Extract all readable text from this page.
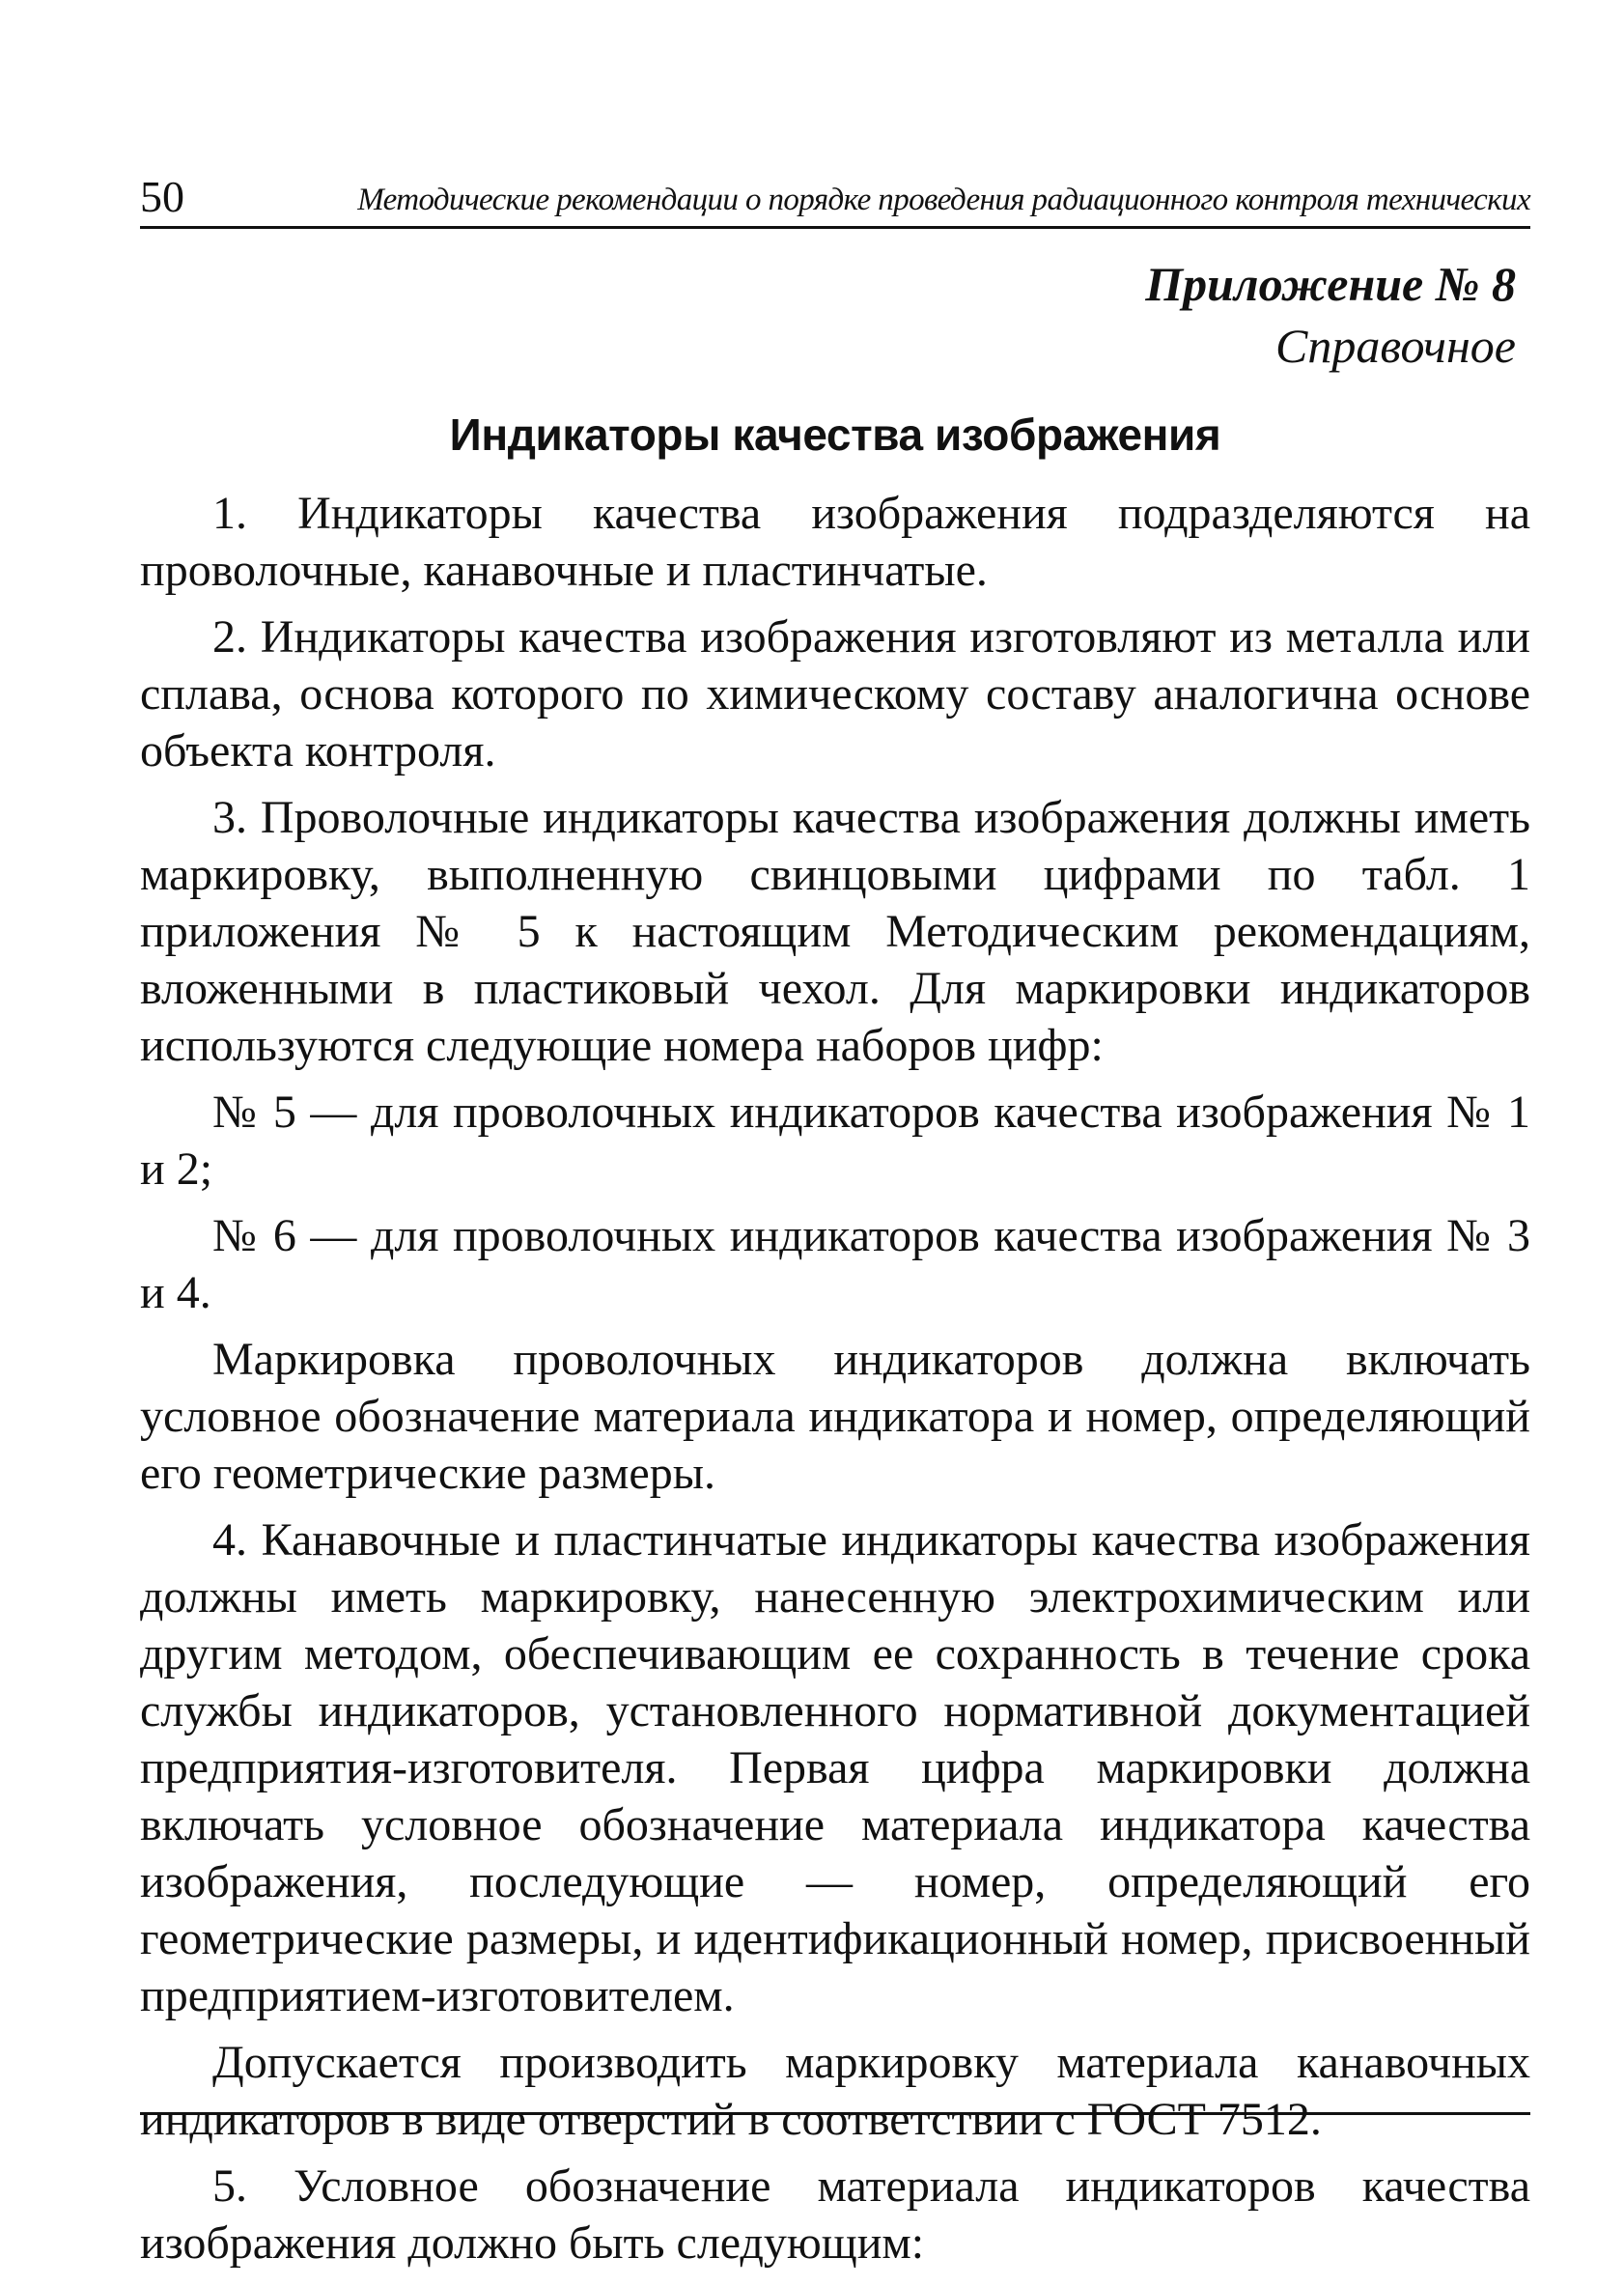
50	Методические рекомендации о порядке проведения радиационного контроля технических
Приложение № 8
Справочное
Индикаторы качества изображения

1. Индикаторы качества изображения подразделяются на проволочные, канавочные и пластинчатые.

2. Индикаторы качества изображения изготовляют из металла или сплава, основа которого по химическому составу аналогична основе объекта контроля.

3. Проволочные индикаторы качества изображения должны иметь маркировку, выполненную свинцовыми цифрами по табл. 1 приложения № 5 к настоящим Методическим рекомендациям, вложенными в пластиковый чехол. Для маркировки индикаторов используются следующие номера наборов цифр:

№ 5 — для проволочных индикаторов качества изображения № 1 и 2;

№ 6 — для проволочных индикаторов качества изображения № 3 и 4.

Маркировка проволочных индикаторов должна включать условное обозначение материала индикатора и номер, определяющий его геометрические размеры.

4. Канавочные и пластинчатые индикаторы качества изображения должны иметь маркировку, нанесенную электрохимическим или другим методом, обеспечивающим ее сохранность в течение срока службы индикаторов, установленного нормативной документацией предприятия-изготовителя. Первая цифра маркировки должна включать условное обозначение материала индикатора качества изображения, последующие — номер, определяющий его геометрические размеры, и идентификационный номер, присвоенный предприятием-изготовителем.

Допускается производить маркировку материала канавочных индикаторов в виде отверстий в соответствии с ГОСТ 7512.

5. Условное обозначение материала индикаторов качества изображения должно быть следующим:
